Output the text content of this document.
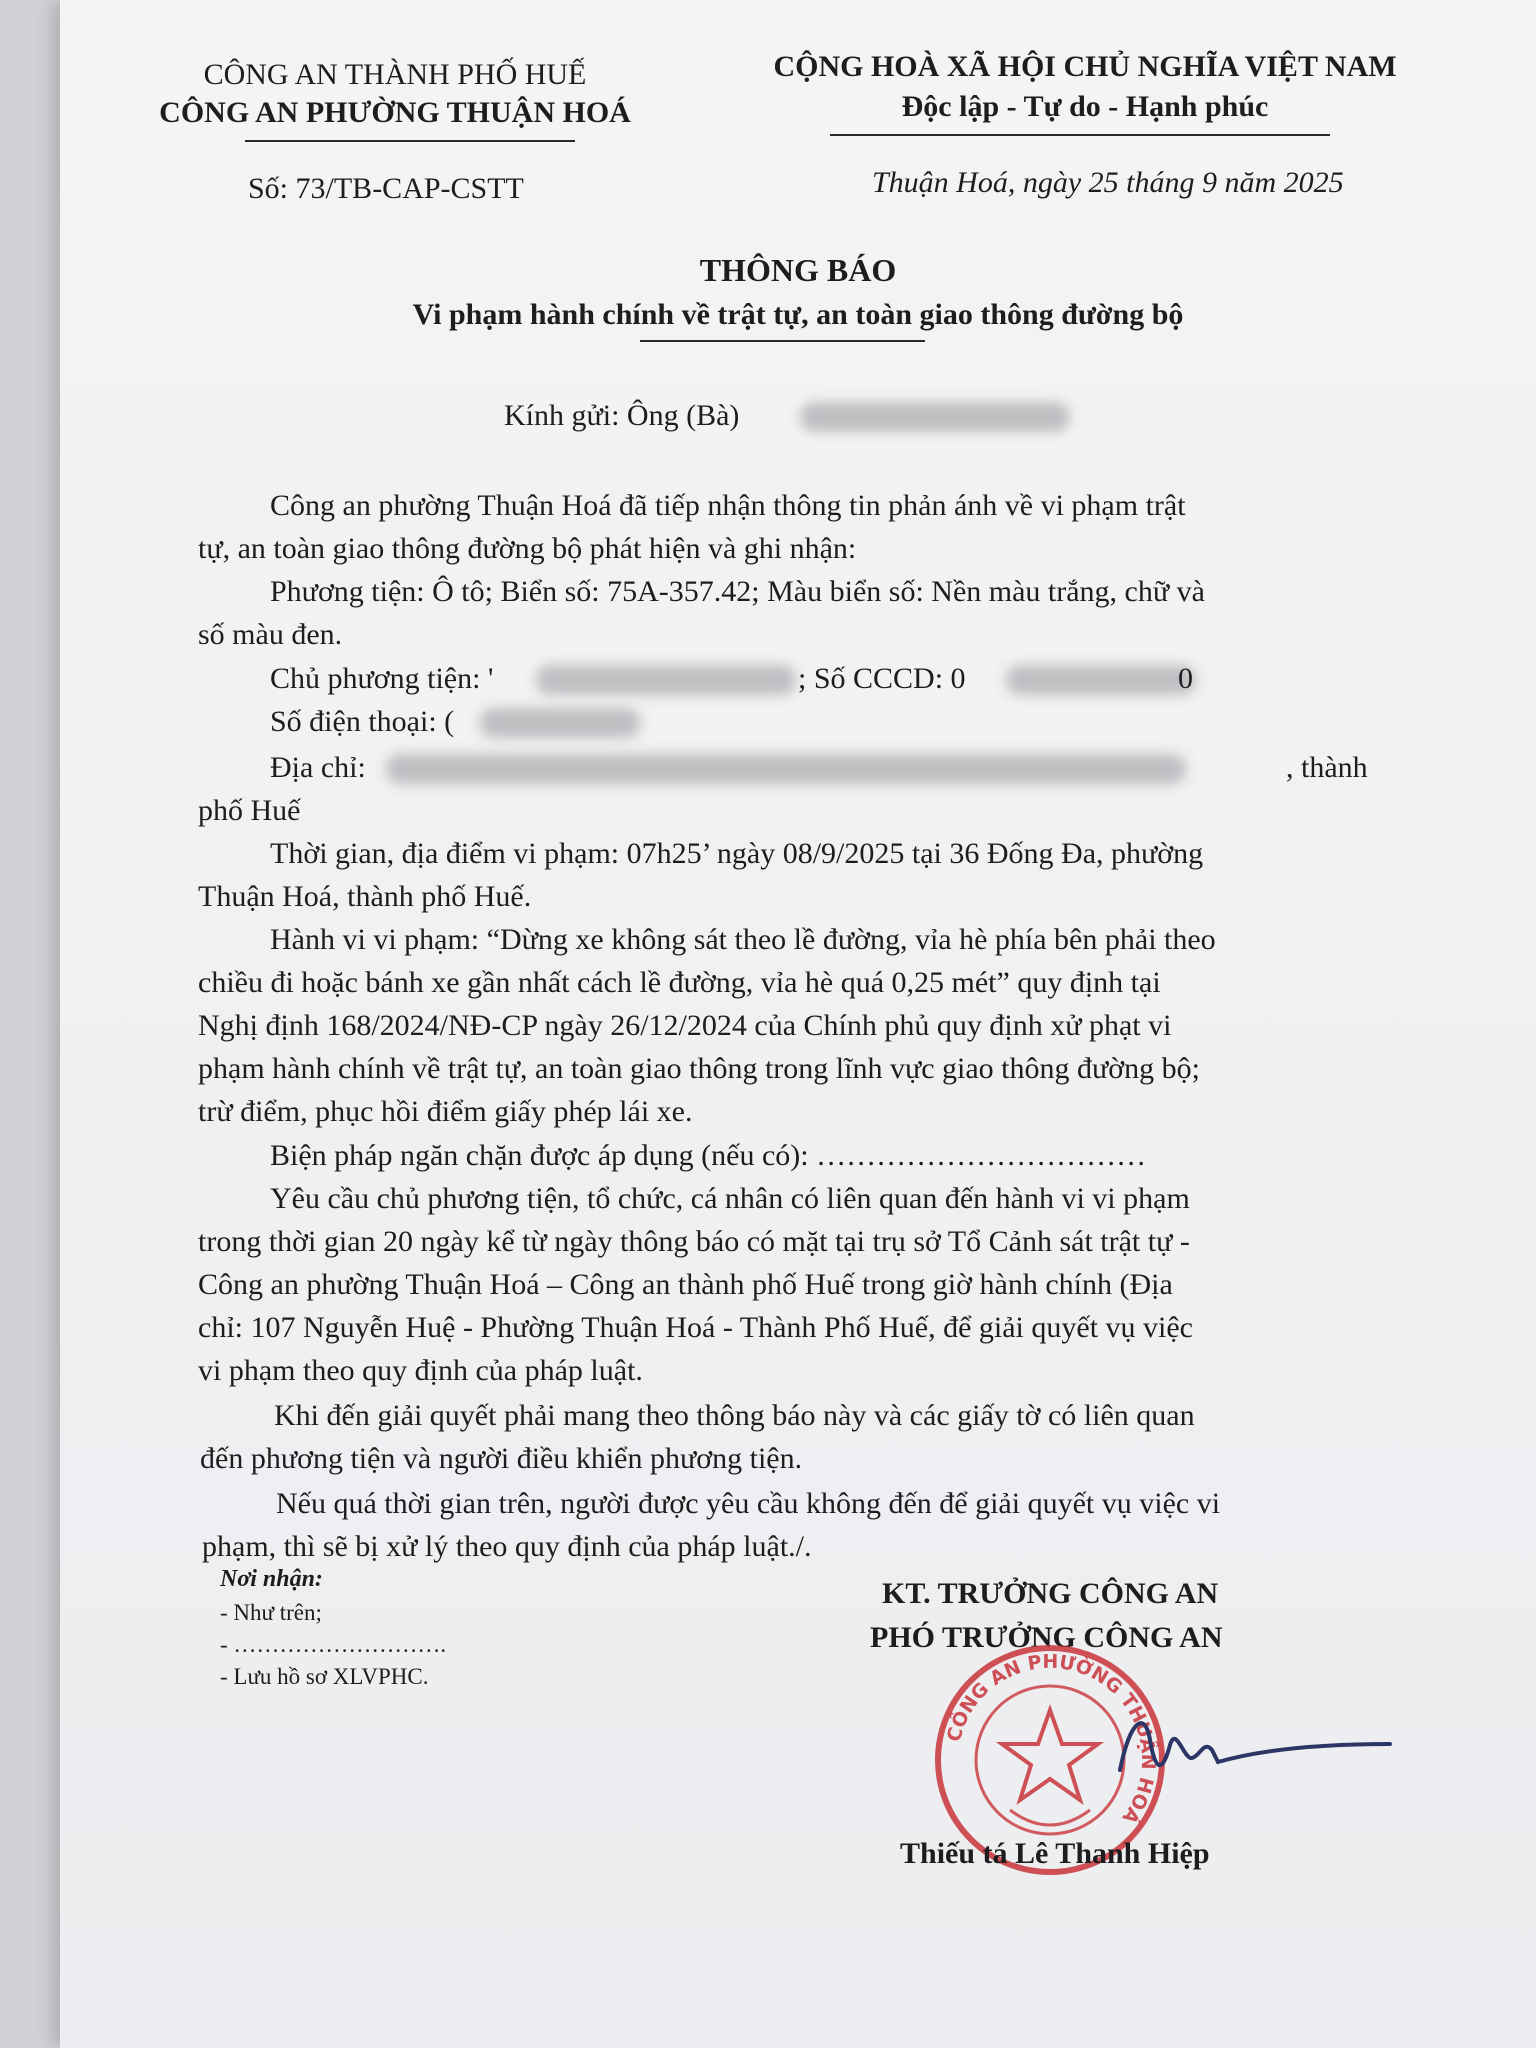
CÔNG AN THÀNH PHỐ HUẾ
CÔNG AN PHƯỜNG THUẬN HOÁ
CỘNG HOÀ XÃ HỘI CHỦ NGHĨA VIỆT NAM
Độc lập - Tự do - Hạnh phúc
Số: 73/TB-CAP-CSTT	Thuận Hoá, ngày 25 tháng 9 năm 2025
THÔNG BÁO
Vi phạm hành chính về trật tự, an toàn giao thông đường bộ
Kính gửi: Ông (Bà)
Công an phường Thuận Hoá đã tiếp nhận thông tin phản ánh về vi phạm trật
tự, an toàn giao thông đường bộ phát hiện và ghi nhận:
Phương tiện: Ô tô; Biển số: 75A-357.42; Màu biển số: Nền màu trắng, chữ và
số màu đen.
Chủ phương tiện: '	; Số CCCD: 0	0
Số điện thoại: (
Địa chỉ:	, thành
phố Huế
Thời gian, địa điểm vi phạm: 07h25’ ngày 08/9/2025 tại 36 Đống Đa, phường
Thuận Hoá, thành phố Huế.
Hành vi vi phạm: “Dừng xe không sát theo lề đường, vỉa hè phía bên phải theo
chiều đi hoặc bánh xe gần nhất cách lề đường, vỉa hè quá 0,25 mét” quy định tại
Nghị định 168/2024/NĐ-CP ngày 26/12/2024 của Chính phủ quy định xử phạt vi
phạm hành chính về trật tự, an toàn giao thông trong lĩnh vực giao thông đường bộ;
trừ điểm, phục hồi điểm giấy phép lái xe.
Biện pháp ngăn chặn được áp dụng (nếu có): ……………………………
Yêu cầu chủ phương tiện, tổ chức, cá nhân có liên quan đến hành vi vi phạm
trong thời gian 20 ngày kể từ ngày thông báo có mặt tại trụ sở Tổ Cảnh sát trật tự -
Công an phường Thuận Hoá – Công an thành phố Huế trong giờ hành chính (Địa
chỉ: 107 Nguyễn Huệ - Phường Thuận Hoá - Thành Phố Huế, để giải quyết vụ việc
vi phạm theo quy định của pháp luật.
Khi đến giải quyết phải mang theo thông báo này và các giấy tờ có liên quan
đến phương tiện và người điều khiển phương tiện.
Nếu quá thời gian trên, người được yêu cầu không đến để giải quyết vụ việc vi
phạm, thì sẽ bị xử lý theo quy định của pháp luật./.
Nơi nhận:
- Như trên;
- ……………………….
- Lưu hồ sơ XLVPHC.
KT. TRƯỞNG CÔNG AN
PHÓ TRƯỞNG CÔNG AN
CÔNG AN PHƯỜNG THUẬN HOÁ
Thiếu tá Lê Thanh Hiệp
